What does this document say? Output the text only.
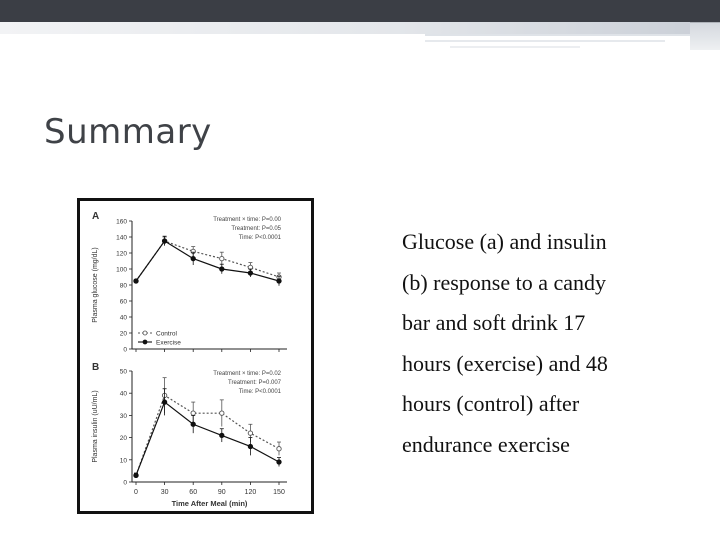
Summary
A
0
20
40
60
80
100
120
140
160
Plasma glucose (mg/dL)
Treatment × time: P=0.00
Treatment: P=0.05
Time: P<0.0001
Control
Exercise
B
0
10
20
30
40
50
Plasma insulin (uU/mL)
Treatment × time: P=0.02
Treatment: P=0.007
Time: P<0.0001
0	30	60	90	120 150
Time After Meal (min)
Glucose (a) and insulin
(b) response to a candy
bar and soft drink 17
hours (exercise) and 48
hours (control) after
endurance exercise
